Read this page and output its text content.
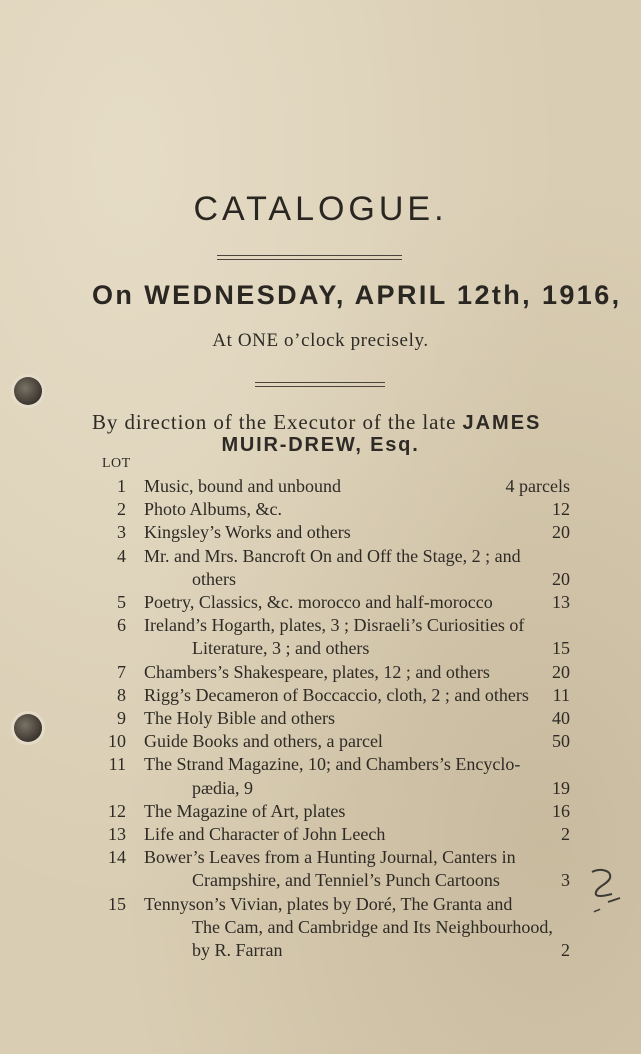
CATALOGUE.
On WEDNESDAY, APRIL 12th, 1916,
At ONE o’clock precisely.
By direction of the Executor of the late JAMES
MUIR-DREW, Esq.
LOT
1 Music, bound and unbound	4 parcels
2 Photo Albums, &c.	12
3 Kingsley’s Works and others	20
4 Mr. and Mrs. Bancroft On and Off the Stage, 2 ; and
others	20
5 Poetry, Classics, &c. morocco and half-morocco	13
6 Ireland’s Hogarth, plates, 3 ; Disraeli’s Curiosities of
Literature, 3 ; and others	15
7 Chambers’s Shakespeare, plates, 12 ; and others	20
8 Rigg’s Decameron of Boccaccio, cloth, 2 ; and others 11
9 The Holy Bible and others	40
10 Guide Books and others, a parcel	50
11 The Strand Magazine, 10; and Chambers’s Encyclo-
pædia, 9	19
12 The Magazine of Art, plates	16
13 Life and Character of John Leech	2
14 Bower’s Leaves from a Hunting Journal, Canters in
Crampshire, and Tenniel’s Punch Cartoons	3
15 Tennyson’s Vivian, plates by Doré, The Granta and
The Cam, and Cambridge and Its Neighbourhood,
by R. Farran	2
